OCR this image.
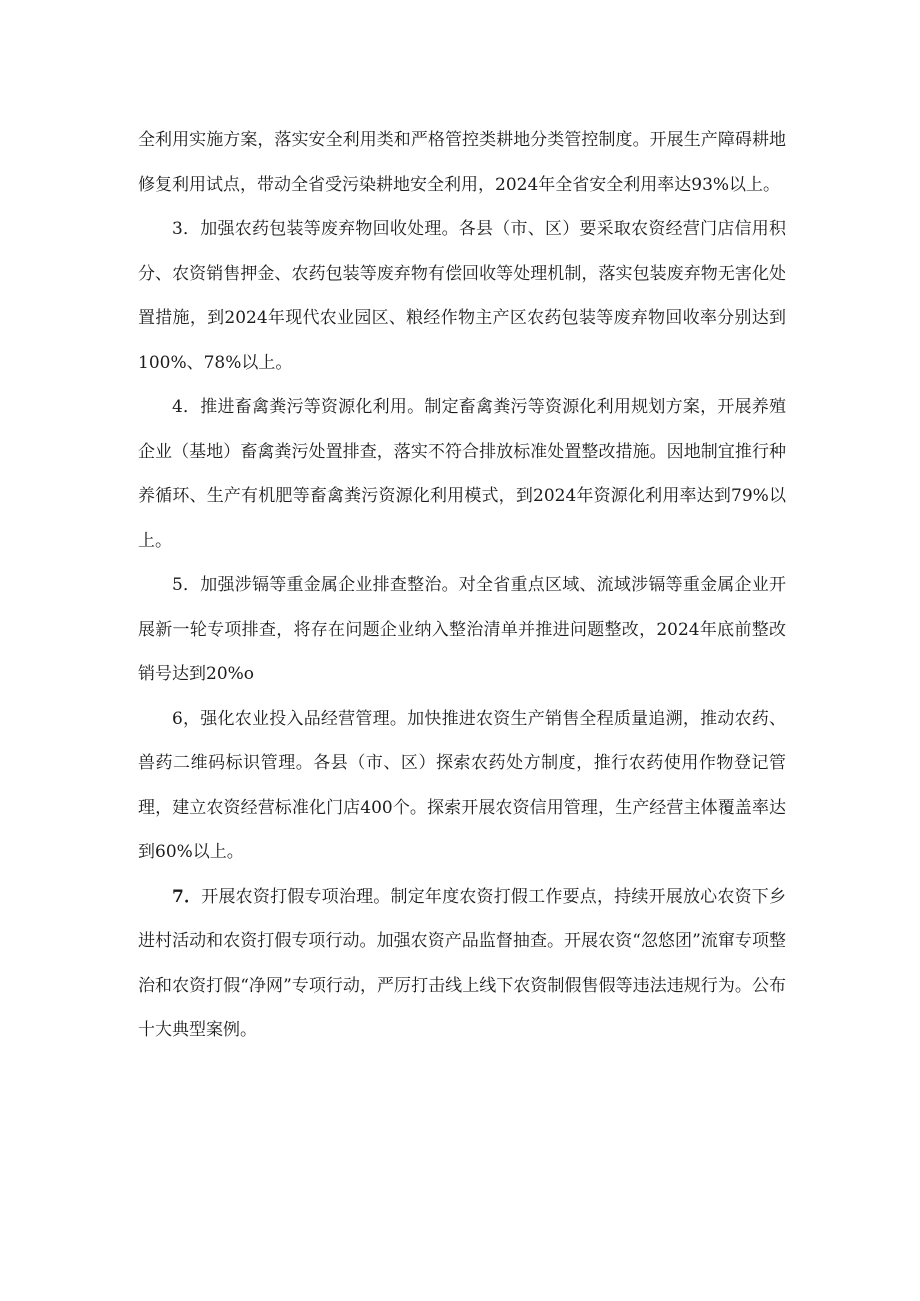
全利用实施方案，落实安全利用类和严格管控类耕地分类管控制度。开展生产障碍耕地修复利用试点，带动全省受污染耕地安全利用，2024年全省安全利用率达93%以上。

3．加强农药包装等废弃物回收处理。各县（市、区）要采取农资经营门店信用积分、农资销售押金、农药包装等废弃物有偿回收等处理机制，落实包装废弃物无害化处置措施，到2024年现代农业园区、粮经作物主产区农药包装等废弃物回收率分别达到100%、78%以上。

4．推进畜禽粪污等资源化利用。制定畜禽粪污等资源化利用规划方案，开展养殖企业（基地）畜禽粪污处置排查，落实不符合排放标准处置整改措施。因地制宜推行种养循环、生产有机肥等畜禽粪污资源化利用模式，到2024年资源化利用率达到79%以上。

5．加强涉镉等重金属企业排查整治。对全省重点区域、流域涉镉等重金属企业开展新一轮专项排查，将存在问题企业纳入整治清单并推进问题整改，2024年底前整改销号达到20%o

6，强化农业投入品经营管理。加快推进农资生产销售全程质量追溯，推动农药、兽药二维码标识管理。各县（市、区）探索农药处方制度，推行农药使用作物登记管理，建立农资经营标准化门店400个。探索开展农资信用管理，生产经营主体覆盖率达到60%以上。

7．开展农资打假专项治理。制定年度农资打假工作要点，持续开展放心农资下乡进村活动和农资打假专项行动。加强农资产品监督抽查。开展农资“忽悠团”流窜专项整治和农资打假“净网”专项行动，严厉打击线上线下农资制假售假等违法违规行为。公布十大典型案例。
